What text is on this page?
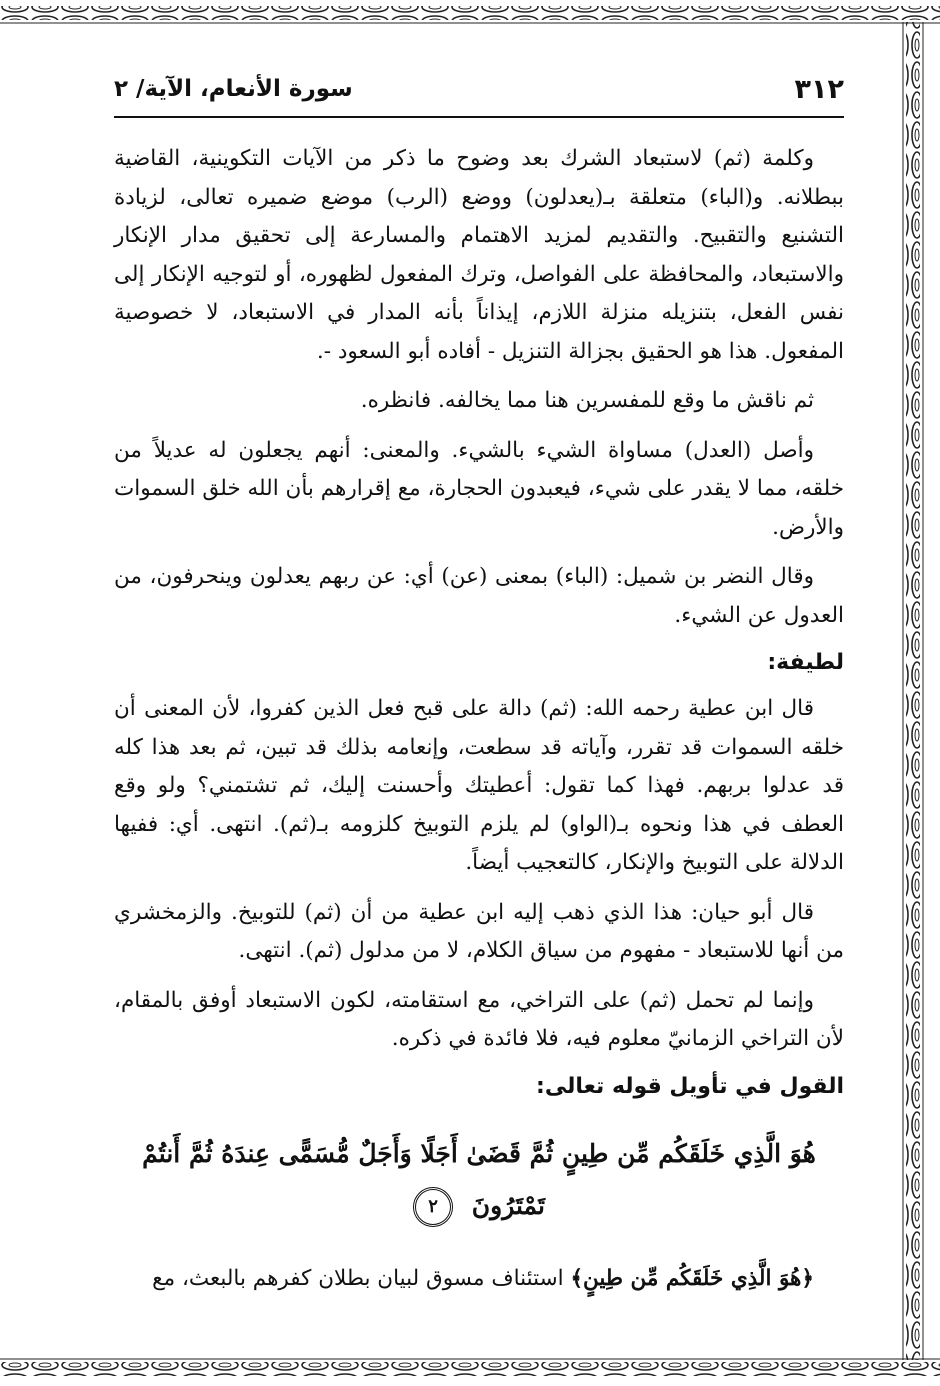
٣١٢
سورة الأنعام، الآية/ ٢

وكلمة (ثم) لاستبعاد الشرك بعد وضوح ما ذكر من الآيات التكوينية، القاضية ببطلانه. و(الباء) متعلقة بـ(يعدلون) ووضع (الرب) موضع ضميره تعالى، لزيادة التشنيع والتقبيح. والتقديم لمزيد الاهتمام والمسارعة إلى تحقيق مدار الإنكار والاستبعاد، والمحافظة على الفواصل، وترك المفعول لظهوره، أو لتوجيه الإنكار إلى نفس الفعل، بتنزيله منزلة اللازم، إيذاناً بأنه المدار في الاستبعاد، لا خصوصية المفعول. هذا هو الحقيق بجزالة التنزيل - أفاده أبو السعود -.

ثم ناقش ما وقع للمفسرين هنا مما يخالفه. فانظره.

وأصل (العدل) مساواة الشيء بالشيء. والمعنى: أنهم يجعلون له عديلاً من خلقه، مما لا يقدر على شيء، فيعبدون الحجارة، مع إقرارهم بأن الله خلق السموات والأرض.

وقال النضر بن شميل: (الباء) بمعنى (عن) أي: عن ربهم يعدلون وينحرفون، من العدول عن الشيء.

لطيفة:

قال ابن عطية رحمه الله: (ثم) دالة على قبح فعل الذين كفروا، لأن المعنى أن خلقه السموات قد تقرر، وآياته قد سطعت، وإنعامه بذلك قد تبين، ثم بعد هذا كله قد عدلوا بربهم. فهذا كما تقول: أعطيتك وأحسنت إليك، ثم تشتمني؟ ولو وقع العطف في هذا ونحوه بـ(الواو) لم يلزم التوبيخ كلزومه بـ(ثم). انتهى. أي: ففيها الدلالة على التوبيخ والإنكار، كالتعجيب أيضاً.

قال أبو حيان: هذا الذي ذهب إليه ابن عطية من أن (ثم) للتوبيخ. والزمخشري من أنها للاستبعاد - مفهوم من سياق الكلام، لا من مدلول (ثم). انتهى.

وإنما لم تحمل (ثم) على التراخي، مع استقامته، لكون الاستبعاد أوفق بالمقام، لأن التراخي الزمانيّ معلوم فيه، فلا فائدة في ذكره.

القول في تأويل قوله تعالى:
هُوَ الَّذِي خَلَقَكُم مِّن طِينٍ ثُمَّ قَضَىٰ أَجَلًا وَأَجَلٌ مُّسَمًّى عِندَهُ ثُمَّ أَنتُمْ تَمْتَرُونَ ٢

﴿هُوَ الَّذِي خَلَقَكُم مِّن طِينٍ﴾ استئناف مسوق لبيان بطلان كفرهم بالبعث، مع
